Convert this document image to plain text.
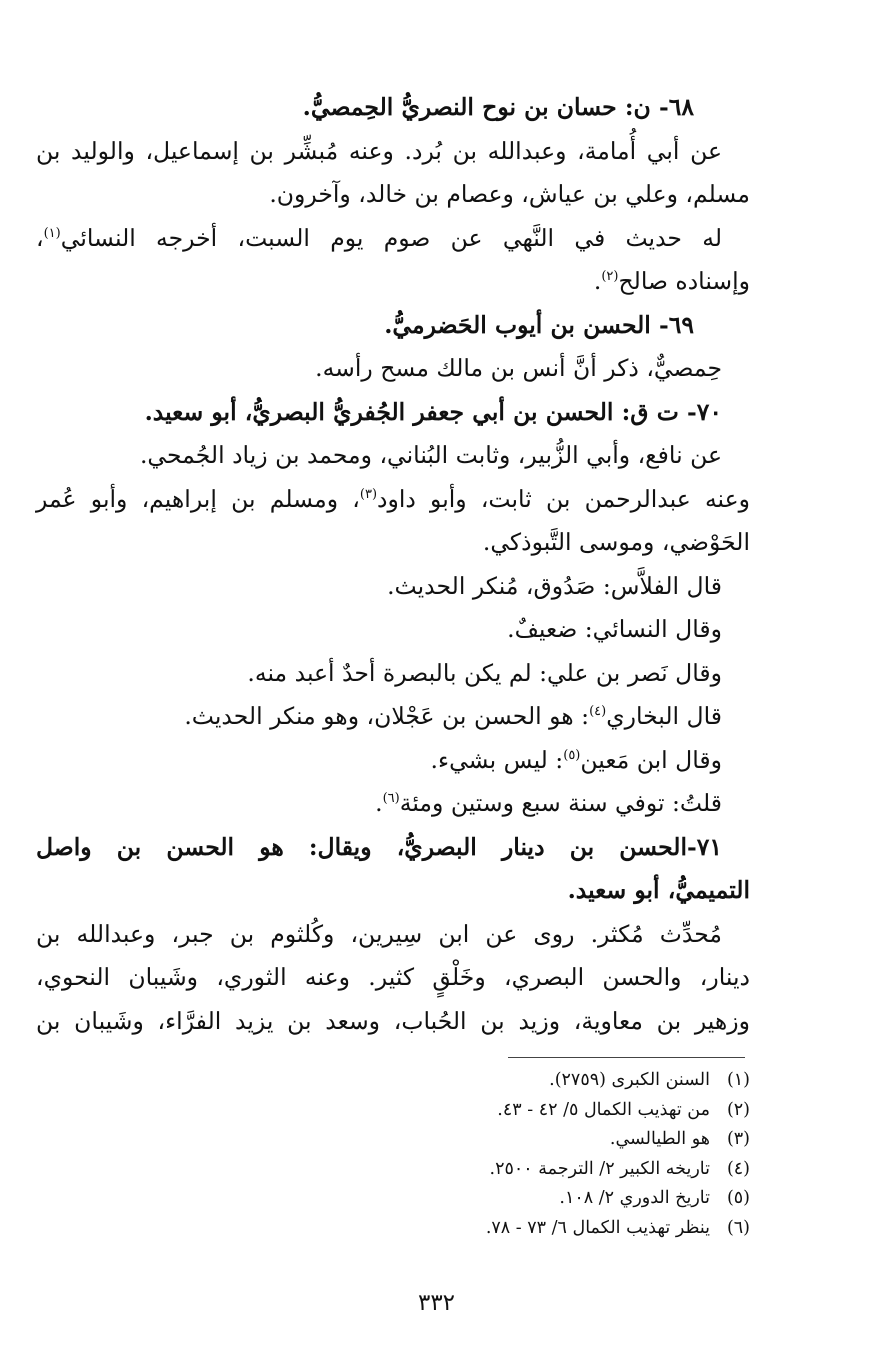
٦٨- ن: حسان بن نوح النصريُّ الحِمصيُّ.
عن أبي أُمامة، وعبدالله بن بُرد. وعنه مُبشِّر بن إسماعيل، والوليد بن
مسلم، وعلي بن عياش، وعصام بن خالد، وآخرون.
له حديث في النَّهي عن صوم يوم السبت، أخرجه النسائي$^{(١)}$،
وإسناده صالح$^{(٢)}$.
٦٩- الحسن بن أيوب الحَضرميُّ.
حِمصيٌّ، ذكر أنَّ أنس بن مالك مسح رأسه.
٧٠- ت ق: الحسن بن أبي جعفر الجُفريُّ البصريُّ، أبو سعيد.
عن نافع، وأبي الزُّبير، وثابت البُناني، ومحمد بن زياد الجُمحي.
وعنه عبدالرحمن بن ثابت، وأبو داود$^{(٣)}$، ومسلم بن إبراهيم، وأبو عُمر
الحَوْضي، وموسى التَّبوذكي.
قال الفلاَّس: صَدُوق، مُنكر الحديث.
وقال النسائي: ضعيفٌ.
وقال نَصر بن علي: لم يكن بالبصرة أحدٌ أعبد منه.
قال البخاري$^{(٤)}$: هو الحسن بن عَجْلان، وهو منكر الحديث.
وقال ابن مَعين$^{(٥)}$: ليس بشيء.
قلتُ: توفي سنة سبع وستين ومئة$^{(٦)}$.
٧١-الحسن بن دينار البصريُّ، ويقال: هو الحسن بن واصل
التميميُّ، أبو سعيد.
مُحدِّث مُكثر. روى عن ابن سِيرين، وكُلثوم بن جبر، وعبدالله بن
دينار، والحسن البصري، وخَلْقٍ كثير. وعنه الثوري، وشَيبان النحوي،
وزهير بن معاوية، وزيد بن الحُباب، وسعد بن يزيد الفرَّاء، وشَيبان بن
(١)السنن الكبرى (٢٧٥٩).
(٢)من تهذيب الكمال ٥/ ٤٢ - ٤٣.
(٣)هو الطيالسي.
(٤)تاريخه الكبير ٢/ الترجمة ٢٥٠٠.
(٥)تاريخ الدوري ٢/ ١٠٨.
(٦)ينظر تهذيب الكمال ٦/ ٧٣ - ٧٨.
٣٣٢
